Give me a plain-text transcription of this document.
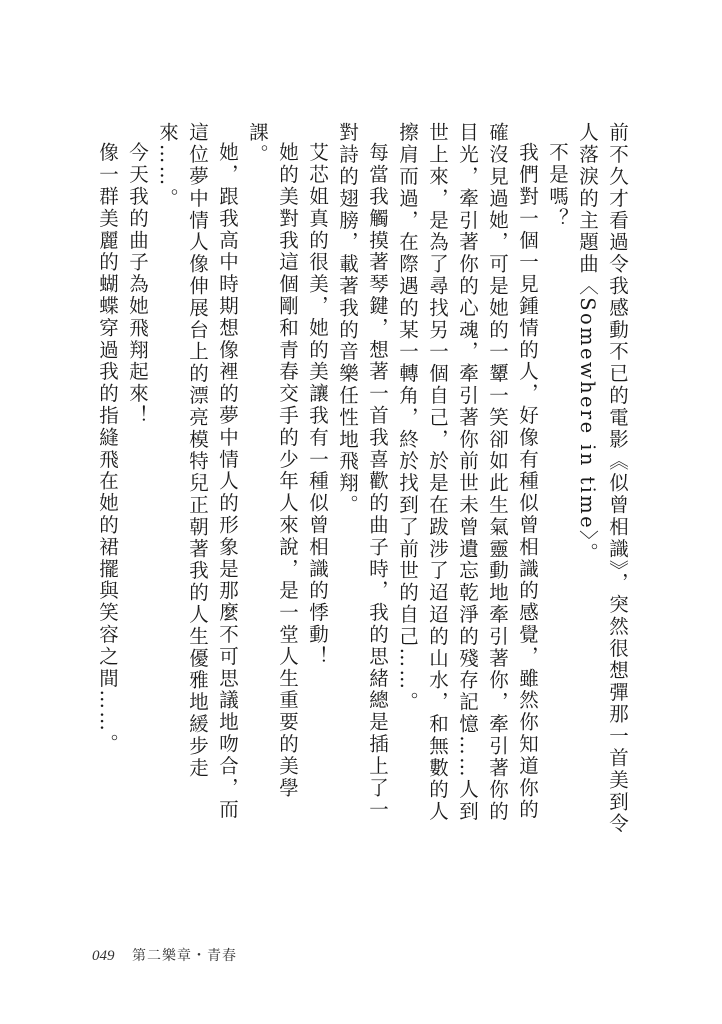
前不久才看過令我感動不已的電影《似曾相識》，突然很想彈那一首美到令人落淚的主題曲〈Somewhere in time〉。

不是嗎？

我們對一個一見鍾情的人，好像有種似曾相識的感覺，雖然你知道你的確沒見過她，可是她的一顰一笑卻如此生氣靈動地牽引著你，牽引著你的目光，牽引著你的心魂，牽引著你前世未曾遺忘乾淨的殘存記憶……人到世上來，是為了尋找另一個自己，於是在跋涉了迢迢的山水，和無數的人擦肩而過，在際遇的某一轉角，終於找到了前世的自己……。

每當我觸摸著琴鍵，想著一首我喜歡的曲子時，我的思緒總是插上了一對詩的翅膀，載著我的音樂任性地飛翔。

艾芯姐真的很美，她的美讓我有一種似曾相識的悸動！

她的美對我這個剛和青春交手的少年人來說，是一堂人生重要的美學課。

她，跟我高中時期想像裡的夢中情人的形象是那麼不可思議地吻合，而這位夢中情人像伸展台上的漂亮模特兒正朝著我的人生優雅地緩步走來……。

今天我的曲子為她飛翔起來！

像一群美麗的蝴蝶穿過我的指縫飛在她的裙擺與笑容之間……。

049 第二樂章・青春
